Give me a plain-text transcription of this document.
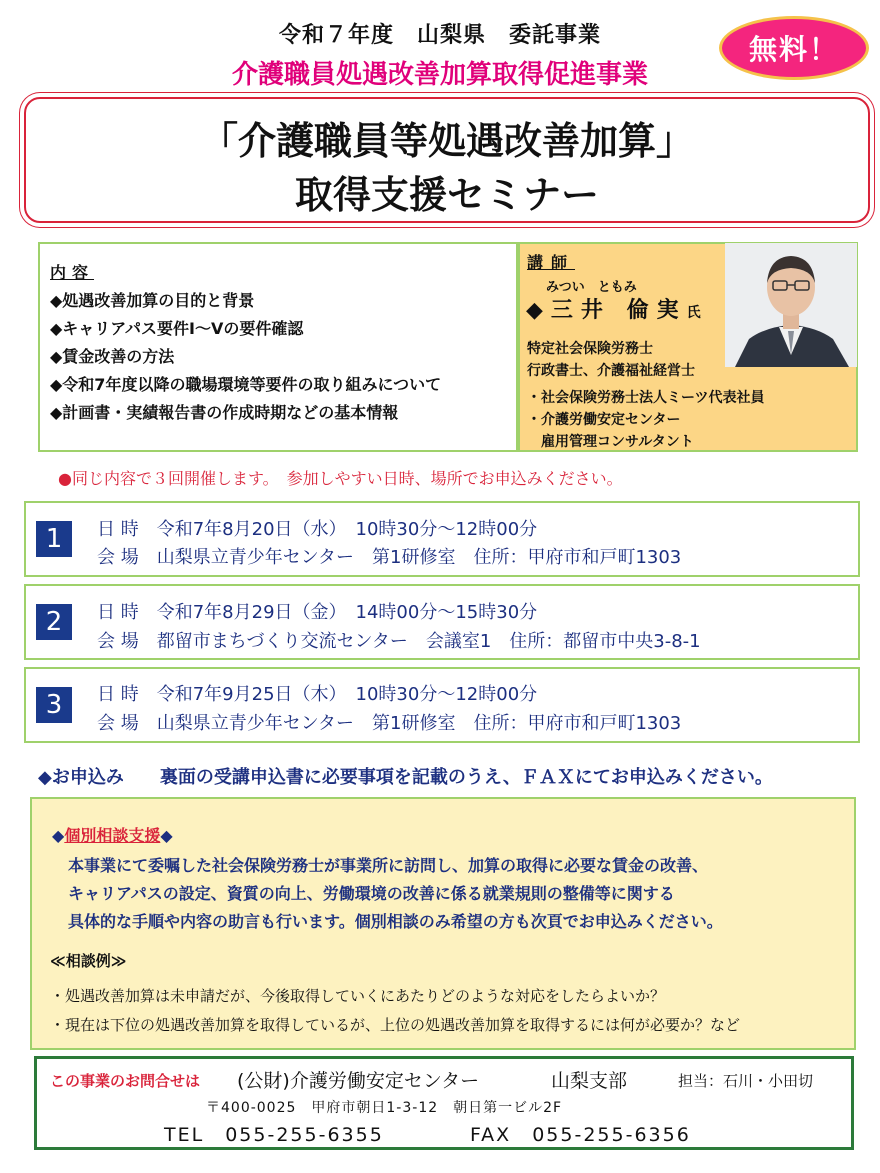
令和７年度　山梨県　委託事業
介護職員処遇改善加算取得促進事業
無料！
「介護職員等処遇改善加算」
取得支援セミナー
内容
◆処遇改善加算の目的と背景
◆キャリアパス要件Ⅰ～Ⅴの要件確認
◆賃金改善の方法
◆令和7年度以降の職場環境等要件の取り組みについて
◆計画書・実績報告書の作成時期などの基本情報
講師
みつい　ともみ
◆三井 倫実氏
特定社会保険労務士
行政書士、介護福祉経営士
・社会保険労務士法人ミーツ代表社員
・介護労働安定センター
　雇用管理コンサルタント
●同じ内容で３回開催します。　参加しやすい日時、場所でお申込みください。
1	日 時　令和7年8月20日（水）　10時30分～12時00分
会 場　山梨県立青少年センター　第1研修室　住所：甲府市和戸町1303
2	日 時　令和7年8月29日（金）　14時00分～15時30分
会 場　都留市まちづくり交流センター　会議室1　住所：都留市中央3-8-1
3	日 時　令和7年9月25日（木）　10時30分～12時00分
会 場　山梨県立青少年センター　第1研修室　住所：甲府市和戸町1303
◆お申込み　　裏面の受講申込書に必要事項を記載のうえ、ＦＡＸにてお申込みください。
◆個別相談支援◆
本事業にて委嘱した社会保険労務士が事業所に訪問し、加算の取得に必要な賃金の改善、
キャリアパスの設定、資質の向上、労働環境の改善に係る就業規則の整備等に関する
具体的な手順や内容の助言も行います。個別相談のみ希望の方も次頁でお申込みください。
≪相談例≫
・処遇改善加算は未申請だが、今後取得していくにあたりどのような対応をしたらよいか？
・現在は下位の処遇改善加算を取得しているが、上位の処遇改善加算を取得するには何が必要か？など
この事業のお問合せは (公財)介護労働安定センター	山梨支部	担当：石川・小田切
〒400-0025　甲府市朝日1-3-12　朝日第一ビル2F
TEL　055-255-6355	FAX　055-255-6356
